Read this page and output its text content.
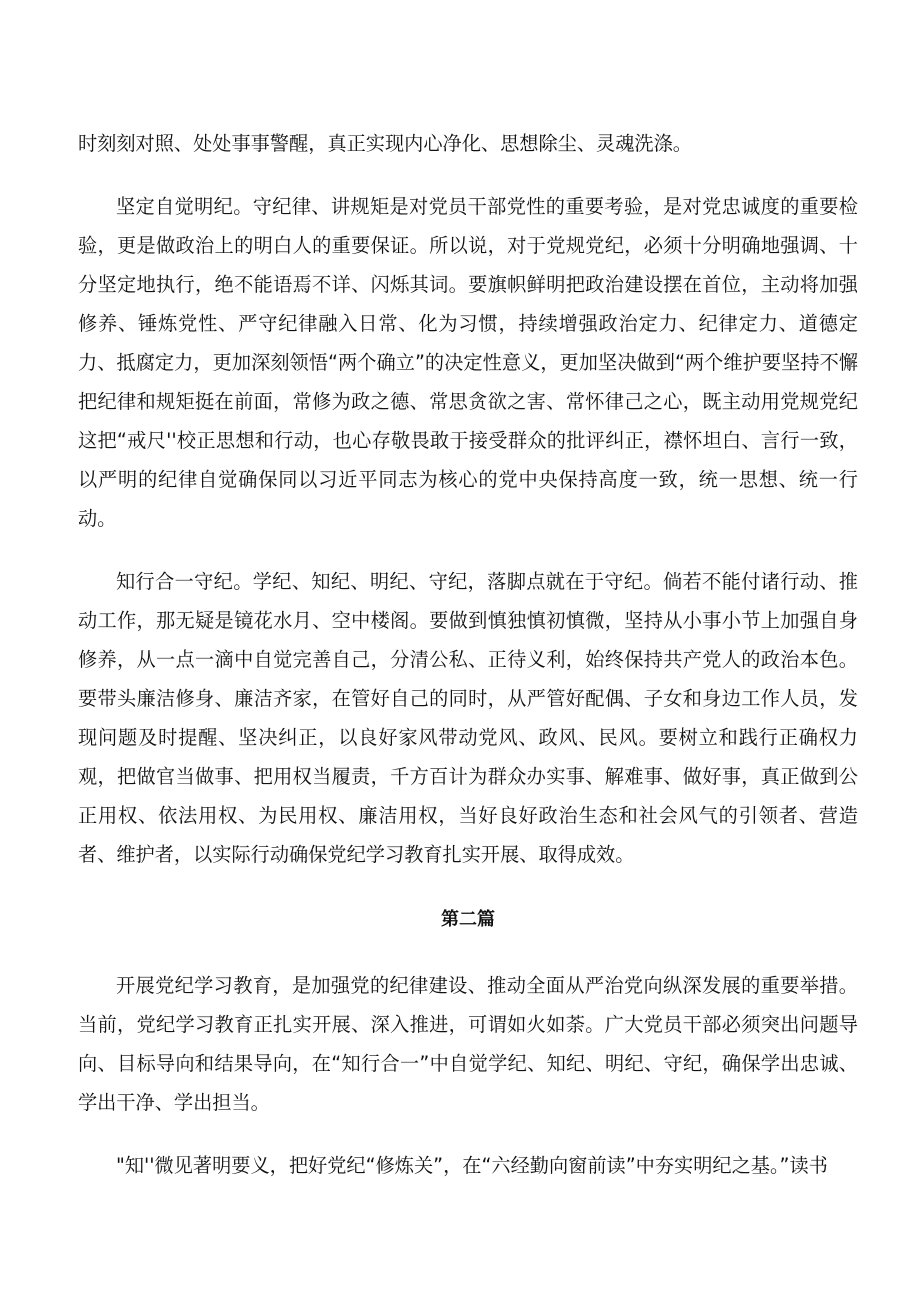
时刻刻对照、处处事事警醒，真正实现内心净化、思想除尘、灵魂洗涤。

坚定自觉明纪。守纪律、讲规矩是对党员干部党性的重要考验，是对党忠诚度的重要检验，更是做政治上的明白人的重要保证。所以说，对于党规党纪，必须十分明确地强调、十分坚定地执行，绝不能语焉不详、闪烁其词。要旗帜鲜明把政治建设摆在首位，主动将加强修养、锤炼党性、严守纪律融入日常、化为习惯，持续增强政治定力、纪律定力、道德定力、抵腐定力，更加深刻领悟“两个确立”的决定性意义，更加坚决做到“两个维护要坚持不懈把纪律和规矩挺在前面，常修为政之德、常思贪欲之害、常怀律己之心，既主动用党规党纪这把“戒尺''校正思想和行动，也心存敬畏敢于接受群众的批评纠正，襟怀坦白、言行一致，以严明的纪律自觉确保同以习近平同志为核心的党中央保持高度一致，统一思想、统一行动。

知行合一守纪。学纪、知纪、明纪、守纪，落脚点就在于守纪。倘若不能付诸行动、推动工作，那无疑是镜花水月、空中楼阁。要做到慎独慎初慎微，坚持从小事小节上加强自身修养，从一点一滴中自觉完善自己，分清公私、正待义利，始终保持共产党人的政治本色。要带头廉洁修身、廉洁齐家，在管好自己的同时，从严管好配偶、子女和身边工作人员，发现问题及时提醒、坚决纠正，以良好家风带动党风、政风、民风。要树立和践行正确权力观，把做官当做事、把用权当履责，千方百计为群众办实事、解难事、做好事，真正做到公正用权、依法用权、为民用权、廉洁用权，当好良好政治生态和社会风气的引领者、营造者、维护者，以实际行动确保党纪学习教育扎实开展、取得成效。

第二篇

开展党纪学习教育，是加强党的纪律建设、推动全面从严治党向纵深发展的重要举措。当前，党纪学习教育正扎实开展、深入推进，可谓如火如荼。广大党员干部必须突出问题导向、目标导向和结果导向，在“知行合一”中自觉学纪、知纪、明纪、守纪，确保学出忠诚、学出干净、学出担当。

"知''微见著明要义，把好党纪“修炼关”，在“六经勤向窗前读”中夯实明纪之基。”读书
